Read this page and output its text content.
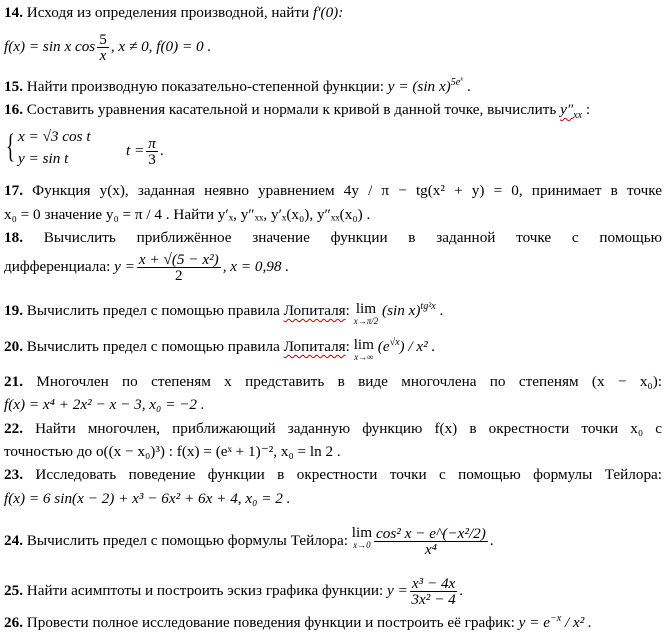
14. Исходя из определения производной, найти f′(0):
f(x) = sin x $\cos \frac{5}{x}$ , x ≠ 0, f(0) = 0 .
15. Найти производную показательно-степенной функции: y = (sin x)$^{5e^x}$ .
16. Составить уравнения касательной и нормали к кривой в данной точке, вычислить $y''_{xx}$ :
{ x = √3 cos t
y = sin t	$t = \frac{\pi}{3}$ .
17. Функция y(x), заданная неявно уравнением 4y / π − tg(x² + y) = 0, принимает в точке
x₀ = 0 значение y₀ = π / 4 . Найти y′ₓ, y″ₓₓ, y′ₓ(x₀), y″ₓₓ(x₀) .
18. Вычислить приближённое значение функции в заданной точке с помощью
дифференциала: $y = \frac{\text{x + √(5 − x²)}}{2}$ , x = 0,98 .
19. Вычислить предел с помощью правила Лопиталя: lim
x→π/2
(sin x)$^{tg^2x}$ .
20. Вычислить предел с помощью правила Лопиталя: lim
x→∞
$(e^{√x}) / x^2$ .
21. Многочлен по степеням x представить в виде многочлена по степеням (x − x₀):
f(x) = x⁴ + 2x² − x − 3, x₀ = −2 .
22. Найти многочлен, приближающий заданную функцию f(x) в окрестности точки x₀ с
точностью до o((x − x₀)³) : f(x) = (eˣ + 1)⁻², x₀ = ln 2 .
23. Исследовать поведение функции в окрестности точки с помощью формулы Тейлора:
f(x) = 6 sin(x − 2) + x³ − 6x² + 6x + 4, x₀ = 2 .
24. Вычислить предел с помощью формулы Тейлора: lim
$x\to 0 \frac{\text{cos² x − e\textasciicircum{}(−x²/2)}}{\text{x⁴}}$ .
25. Найти асимптоты и построить эскиз графика функции: $y = \frac{\text{x³ − 4x}}{\text{3x² − 4}}$ .
26. Провести полное исследование поведения функции и построить её график: $y = e^{-x} / x^2$ .
